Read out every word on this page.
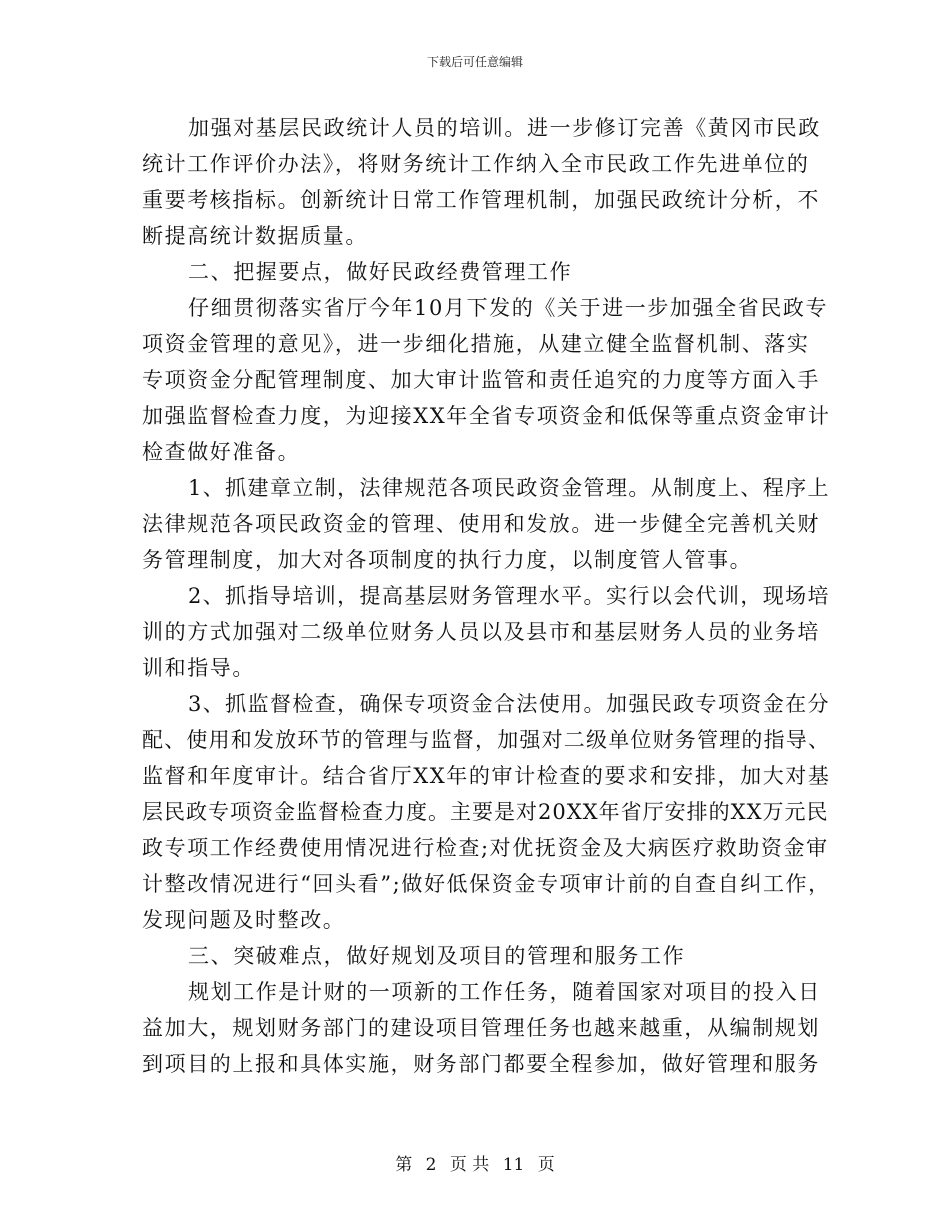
下载后可任意编辑

加强对基层民政统计人员的培训。进一步修订完善《黄冈市民政
统计工作评价办法》，将财务统计工作纳入全市民政工作先进单位的
重要考核指标。创新统计日常工作管理机制，加强民政统计分析，不
断提高统计数据质量。
二、把握要点，做好民政经费管理工作
仔细贯彻落实省厅今年10月下发的《关于进一步加强全省民政专
项资金管理的意见》，进一步细化措施，从建立健全监督机制、落实
专项资金分配管理制度、加大审计监管和责任追究的力度等方面入手
加强监督检查力度，为迎接XX年全省专项资金和低保等重点资金审计
检查做好准备。
1、抓建章立制，法律规范各项民政资金管理。从制度上、程序上
法律规范各项民政资金的管理、使用和发放。进一步健全完善机关财
务管理制度，加大对各项制度的执行力度，以制度管人管事。
2、抓指导培训，提高基层财务管理水平。实行以会代训，现场培
训的方式加强对二级单位财务人员以及县市和基层财务人员的业务培
训和指导。
3、抓监督检查，确保专项资金合法使用。加强民政专项资金在分
配、使用和发放环节的管理与监督，加强对二级单位财务管理的指导、
监督和年度审计。结合省厅XX年的审计检查的要求和安排，加大对基
层民政专项资金监督检查力度。主要是对20XX年省厅安排的XX万元民
政专项工作经费使用情况进行检查;对优抚资金及大病医疗救助资金审
计整改情况进行“回头看”;做好低保资金专项审计前的自查自纠工作，
发现问题及时整改。
三、突破难点，做好规划及项目的管理和服务工作
规划工作是计财的一项新的工作任务，随着国家对项目的投入日
益加大，规划财务部门的建设项目管理任务也越来越重，从编制规划
到项目的上报和具体实施，财务部门都要全程参加，做好管理和服务

第 2 页 共 11 页
